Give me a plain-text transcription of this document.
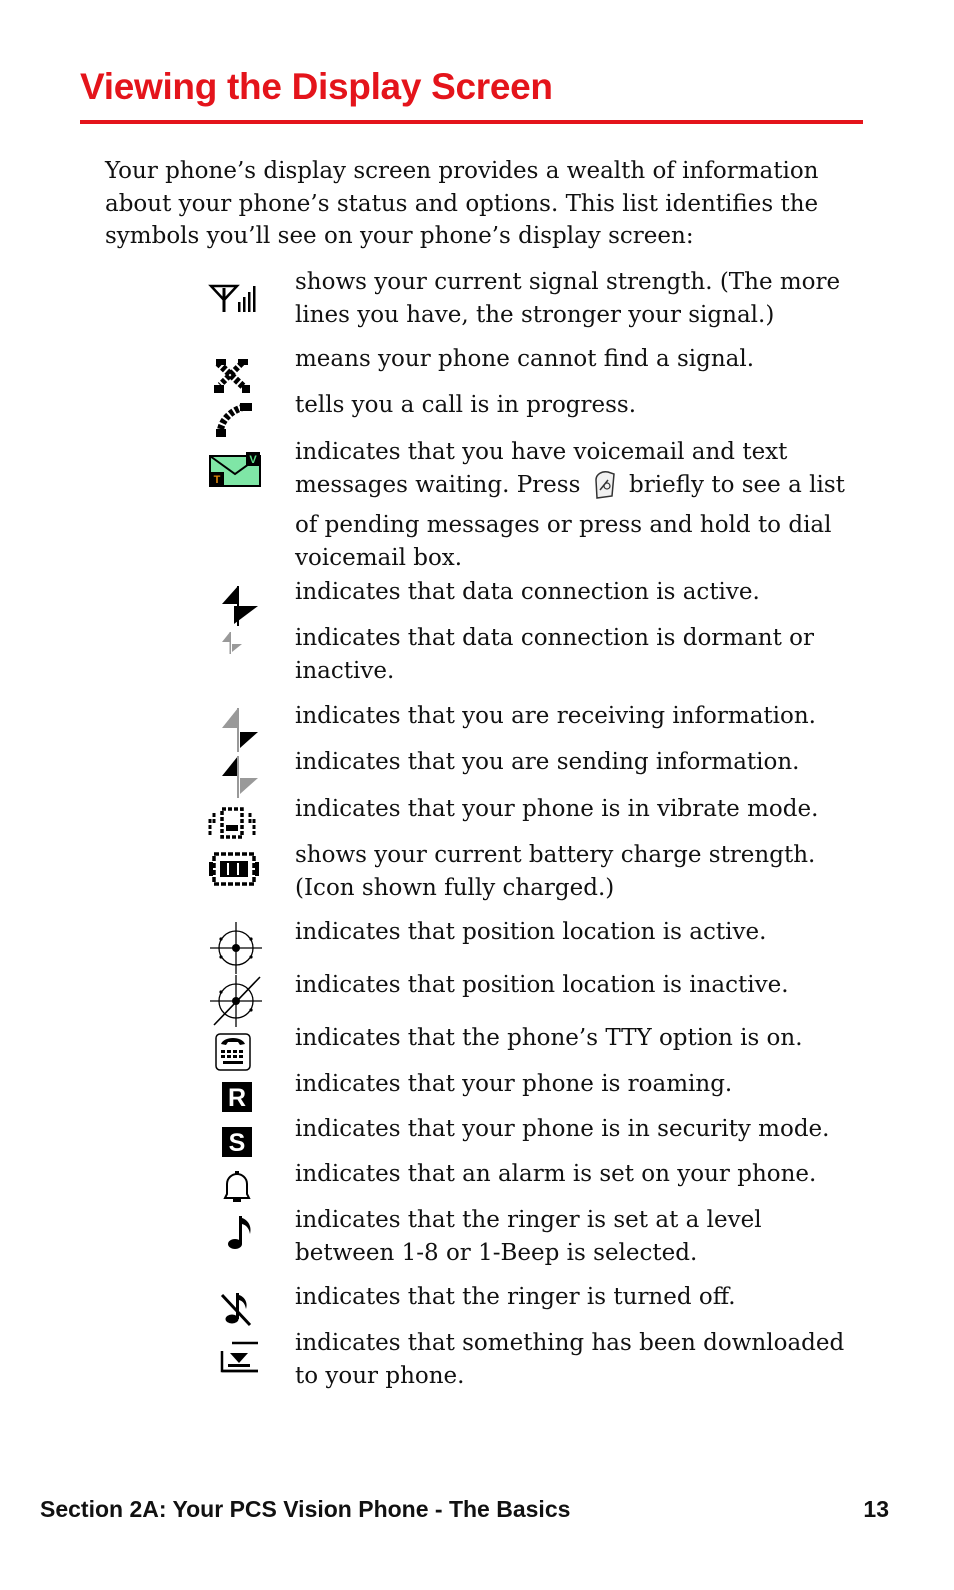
Viewing the Display Screen

Your phone’s display screen provides a wealth of information about your phone’s status and options. This list identifies the symbols you’ll see on your phone’s display screen:

shows your current signal strength. (The more lines you have, the stronger your signal.)

means your phone cannot find a signal.

tells you a call is in progress.

V
T

indicates that you have voicemail and text messages waiting. Press briefly to see a list of pending messages or press and hold to dial voicemail box.

indicates that data connection is active.

indicates that data connection is dormant or inactive.

indicates that you are receiving information.

indicates that you are sending information.

indicates that your phone is in vibrate mode.

shows your current battery charge strength. (Icon shown fully charged.)

indicates that position location is active.

indicates that position location is inactive.

indicates that the phone’s TTY option is on.

R indicates that your phone is roaming.

S indicates that your phone is in security mode.

indicates that an alarm is set on your phone.

indicates that the ringer is set at a level between 1-8 or 1-Beep is selected.

indicates that the ringer is turned off.

indicates that something has been downloaded to your phone.

Section 2A: Your PCS Vision Phone - The Basics	13
